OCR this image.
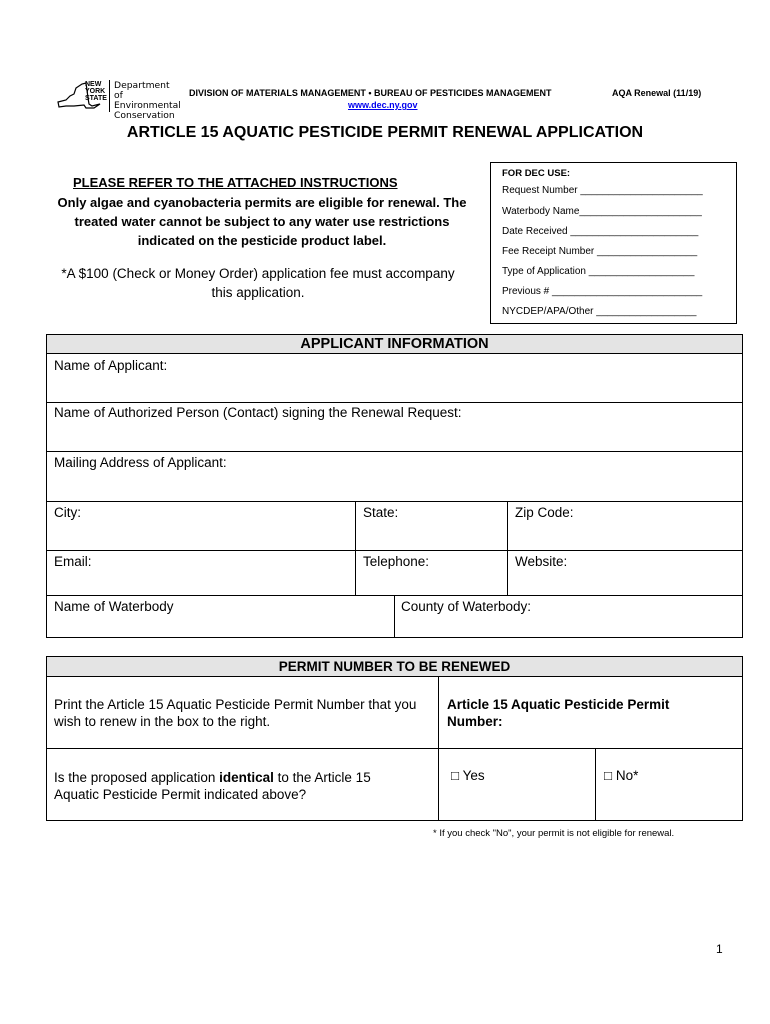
NEW
YORK
STATE
Department of
Environmental
Conservation
DIVISION OF MATERIALS MANAGEMENT • BUREAU OF PESTICIDES MANAGEMENT
www.dec.ny.gov
AQA Renewal (11/19)
ARTICLE 15 AQUATIC PESTICIDE PERMIT RENEWAL APPLICATION
PLEASE REFER TO THE ATTACHED INSTRUCTIONS
Only algae and cyanobacteria permits are eligible for renewal. The treated water cannot be subject to any water use restrictions indicated on the pesticide product label.
*A $100 (Check or Money Order) application fee must accompany this application.
FOR DEC USE:
Request Number ______________________
Waterbody Name______________________
Date Received _______________________
Fee Receipt Number __________________
Type of Application ___________________
Previous # ___________________________
NYCDEP/APA/Other __________________
APPLICANT INFORMATION
Name of Applicant:
Name of Authorized Person (Contact) signing the Renewal Request:
Mailing Address of Applicant:
City:	State:	Zip Code:
Email:	Telephone:	Website:
Name of Waterbody	County of Waterbody:
PERMIT NUMBER TO BE RENEWED
Print the Article 15 Aquatic Pesticide Permit Number that you wish to renew in the box to the right.
Article 15 Aquatic Pesticide Permit Number:
Is the proposed application identical to the Article 15 Aquatic Pesticide Permit indicated above?
□ Yes	□ No*
* If you check "No", your permit is not eligible for renewal.
1
